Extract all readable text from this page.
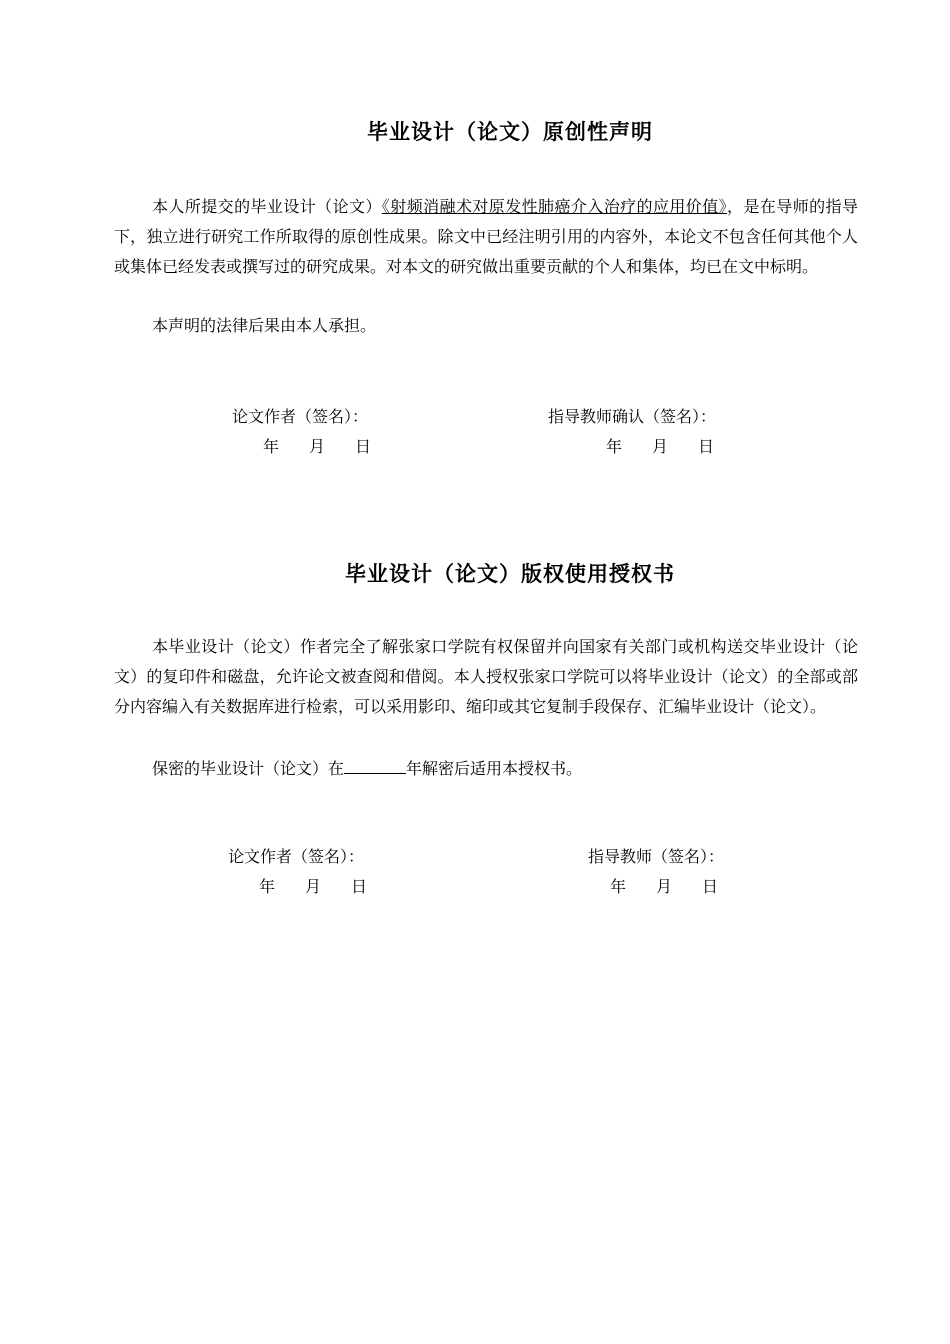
毕业设计（论文）原创性声明

本人所提交的毕业设计（论文）《射频消融术对原发性肺癌介入治疗的应用价值》，是在导师的指导下，独立进行研究工作所取得的原创性成果。除文中已经注明引用的内容外，本论文不包含任何其他个人或集体已经发表或撰写过的研究成果。对本文的研究做出重要贡献的个人和集体，均已在文中标明。

本声明的法律后果由本人承担。

论文作者（签名）：	指导教师确认（签名）：
年 月 日	年 月 日
毕业设计（论文）版权使用授权书

本毕业设计（论文）作者完全了解张家口学院有权保留并向国家有关部门或机构送交毕业设计（论文）的复印件和磁盘，允许论文被查阅和借阅。本人授权张家口学院可以将毕业设计（论文）的全部或部分内容编入有关数据库进行检索，可以采用影印、缩印或其它复制手段保存、汇编毕业设计（论文）。

保密的毕业设计（论文）在	年解密后适用本授权书。

论文作者（签名）：	指导教师（签名）：
年 月 日	年 月 日
